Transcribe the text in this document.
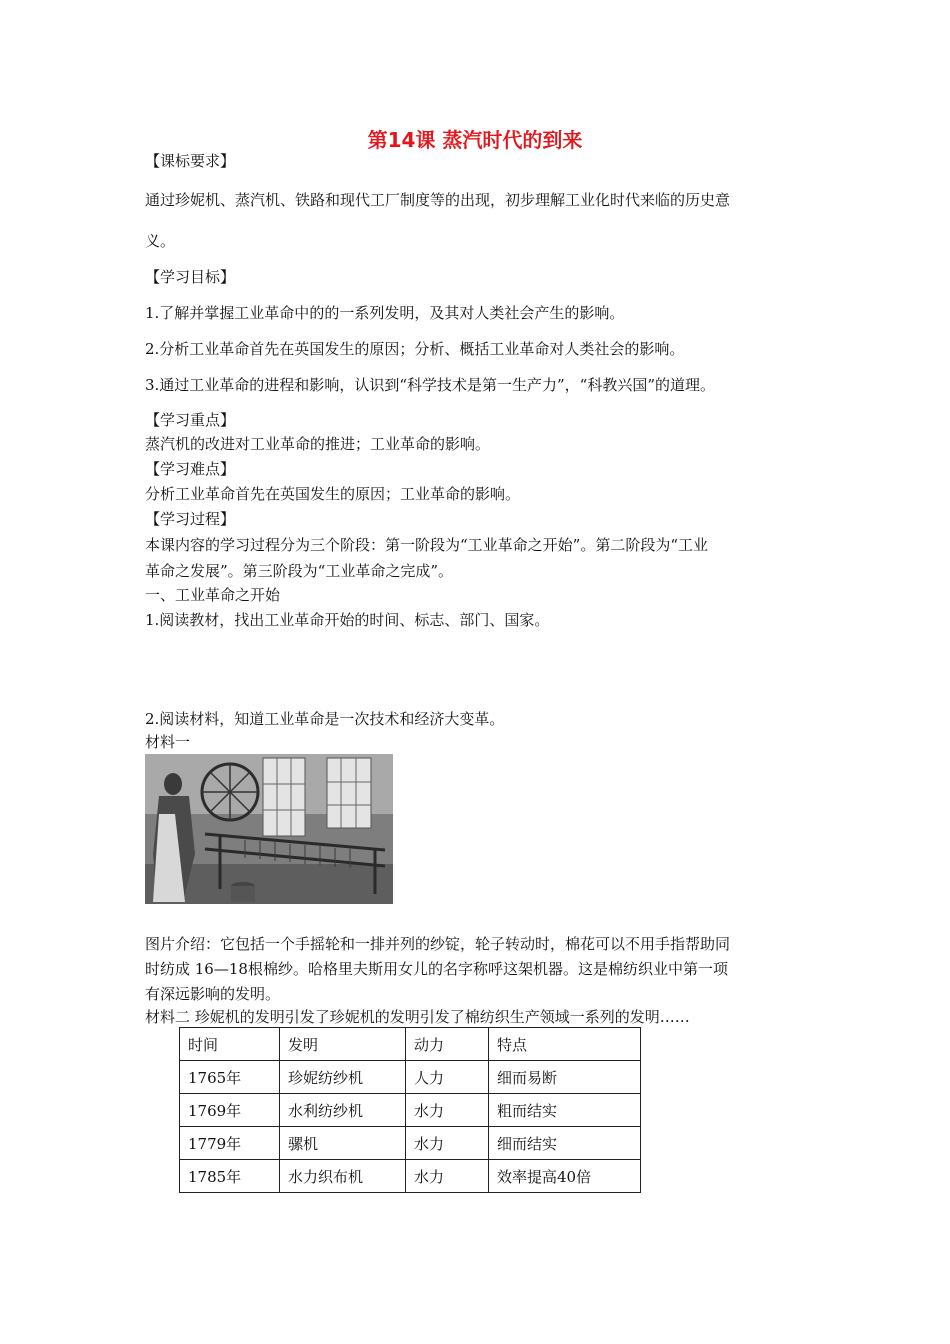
第14课 蒸汽时代的到来
【课标要求】
通过珍妮机、蒸汽机、铁路和现代工厂制度等的出现，初步理解工业化时代来临的历史意
义。
【学习目标】
1.了解并掌握工业革命中的的一系列发明，及其对人类社会产生的影响。
2.分析工业革命首先在英国发生的原因；分析、概括工业革命对人类社会的影响。
3.通过工业革命的进程和影响，认识到“科学技术是第一生产力”，“科教兴国”的道理。
【学习重点】
蒸汽机的改进对工业革命的推进；工业革命的影响。
【学习难点】
分析工业革命首先在英国发生的原因；工业革命的影响。
【学习过程】
本课内容的学习过程分为三个阶段：第一阶段为“工业革命之开始”。第二阶段为“工业
革命之发展”。第三阶段为“工业革命之完成”。
一、工业革命之开始
1.阅读教材，找出工业革命开始的时间、标志、部门、国家。
2.阅读材料，知道工业革命是一次技术和经济大变革。
材料一
图片介绍：它包括一个手摇轮和一排并列的纱锭，轮子转动时，棉花可以不用手指帮助同
时纺成 16—18根棉纱。哈格里夫斯用女儿的名字称呼这架机器。这是棉纺织业中第一项
有深远影响的发明。
材料二 珍妮机的发明引发了珍妮机的发明引发了棉纺织生产领域一系列的发明……
时间	发明	动力	特点
1765年	珍妮纺纱机	人力	细而易断
1769年	水利纺纱机	水力	粗而结实
1779年	骡机	水力	细而结实
1785年	水力织布机	水力	效率提高40倍
